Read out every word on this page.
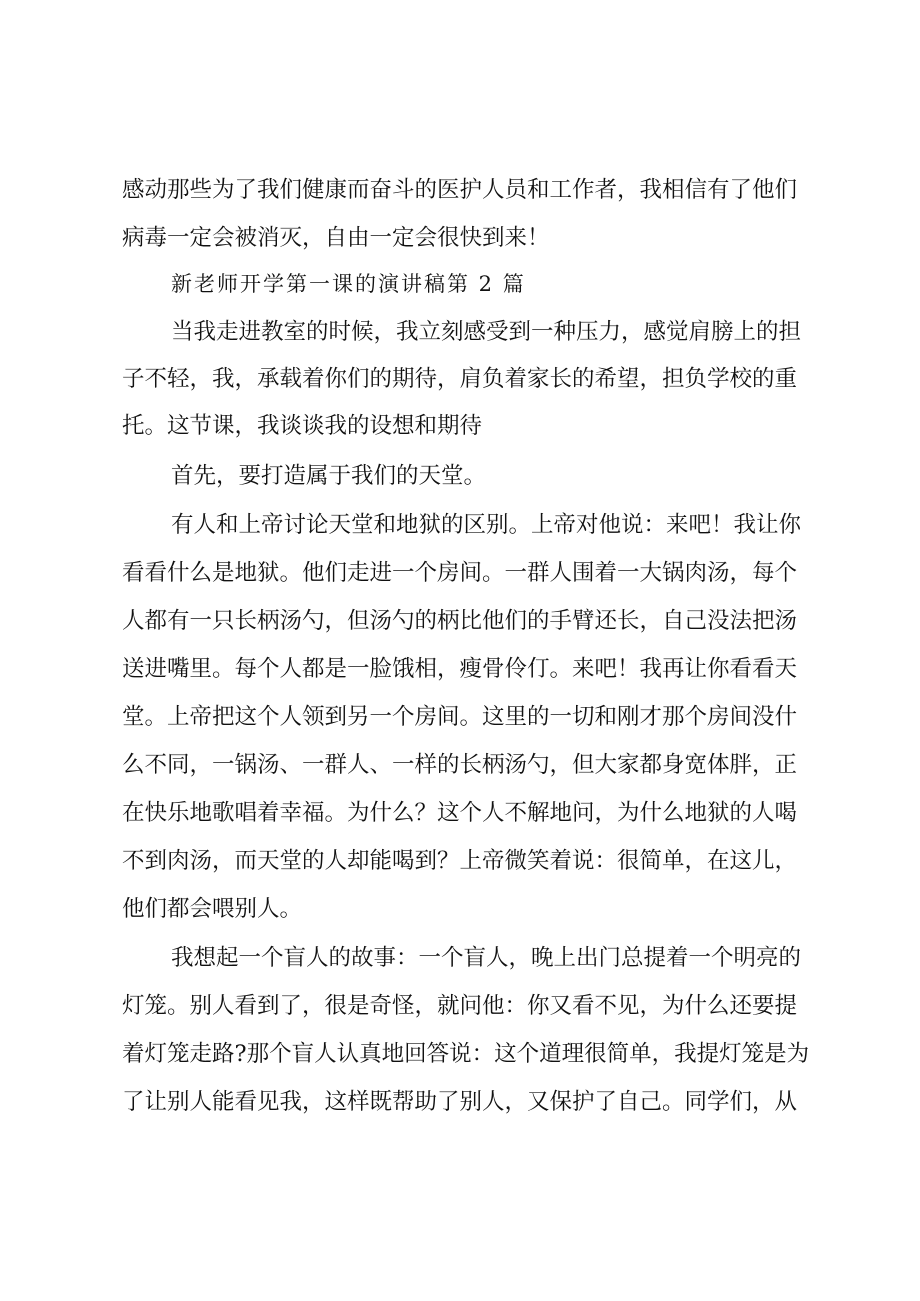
感动那些为了我们健康而奋斗的医护人员和工作者，我相信有了他们
病毒一定会被消灭，自由一定会很快到来！
新老师开学第一课的演讲稿第 2 篇
当我走进教室的时候，我立刻感受到一种压力，感觉肩膀上的担
子不轻，我，承载着你们的期待，肩负着家长的希望，担负学校的重
托。这节课，我谈谈我的设想和期待
首先，要打造属于我们的天堂。
有人和上帝讨论天堂和地狱的区别。上帝对他说：来吧！我让你
看看什么是地狱。他们走进一个房间。一群人围着一大锅肉汤，每个
人都有一只长柄汤勺，但汤勺的柄比他们的手臂还长，自己没法把汤
送进嘴里。每个人都是一脸饿相，瘦骨伶仃。来吧！我再让你看看天
堂。上帝把这个人领到另一个房间。这里的一切和刚才那个房间没什
么不同，一锅汤、一群人、一样的长柄汤勺，但大家都身宽体胖，正
在快乐地歌唱着幸福。为什么？这个人不解地问，为什么地狱的人喝
不到肉汤，而天堂的人却能喝到？上帝微笑着说：很简单，在这儿，
他们都会喂别人。
我想起一个盲人的故事：一个盲人，晚上出门总提着一个明亮的
灯笼。别人看到了，很是奇怪，就问他：你又看不见，为什么还要提
着灯笼走路?那个盲人认真地回答说：这个道理很简单，我提灯笼是为
了让别人能看见我，这样既帮助了别人，又保护了自己。同学们，从
